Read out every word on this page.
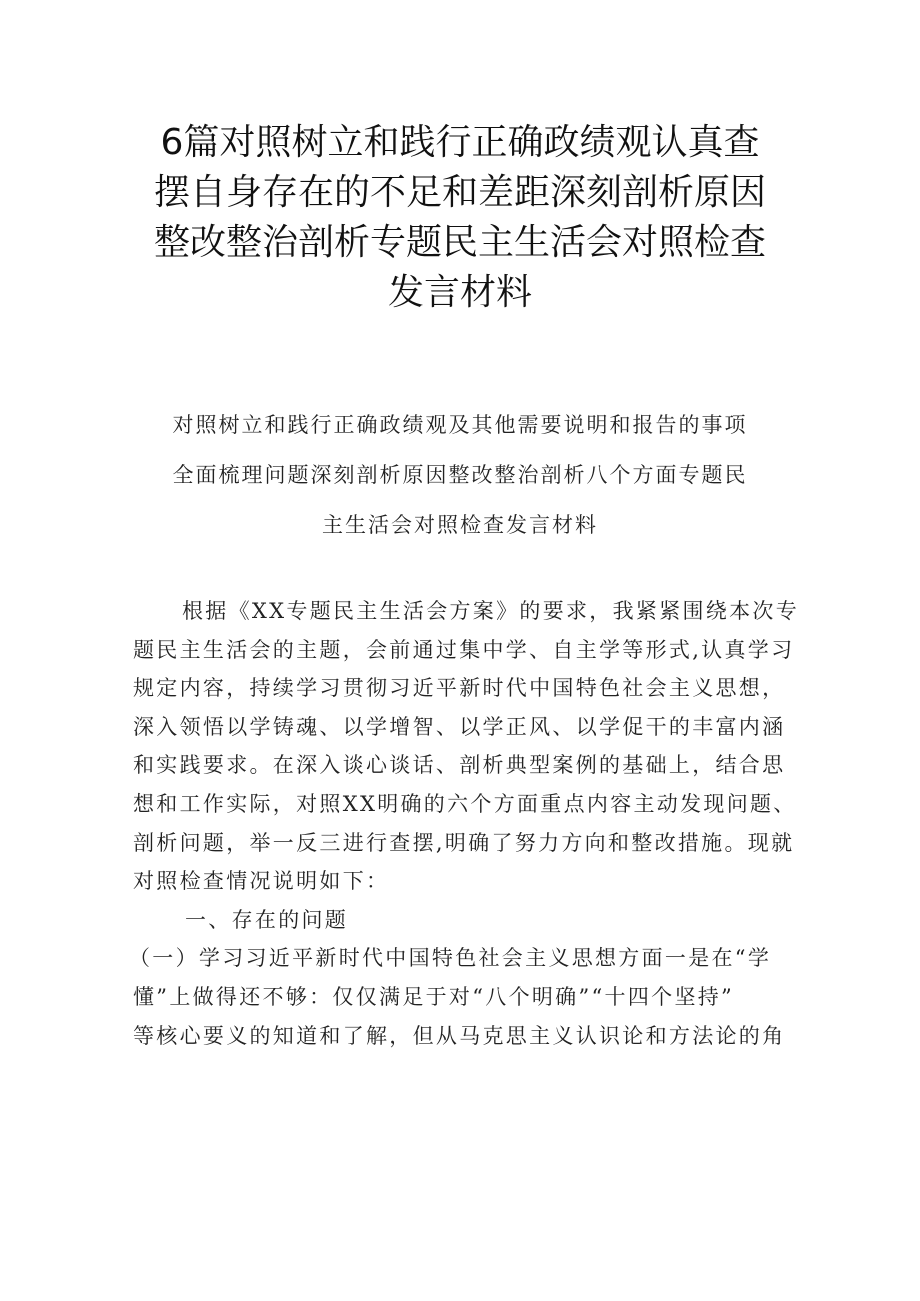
6篇对照树立和践行正确政绩观认真查
摆自身存在的不足和差距深刻剖析原因
整改整治剖析专题民主生活会对照检查
发言材料
对照树立和践行正确政绩观及其他需要说明和报告的事项
全面梳理问题深刻剖析原因整改整治剖析八个方面专题民
主生活会对照检查发言材料
根据《XX专题民主生活会方案》的要求，我紧紧围绕本次专
题民主生活会的主题，会前通过集中学、自主学等形式,认真学习
规定内容，持续学习贯彻习近平新时代中国特色社会主义思想，
深入领悟以学铸魂、以学增智、以学正风、以学促干的丰富内涵
和实践要求。在深入谈心谈话、剖析典型案例的基础上，结合思
想和工作实际，对照XX明确的六个方面重点内容主动发现问题、
剖析问题，举一反三进行查摆,明确了努力方向和整改措施。现就
对照检查情况说明如下：
一、存在的问题
（一）学习习近平新时代中国特色社会主义思想方面一是在“学
懂”上做得还不够：仅仅满足于对“八个明确”“十四个坚持”
等核心要义的知道和了解，但从马克思主义认识论和方法论的角
